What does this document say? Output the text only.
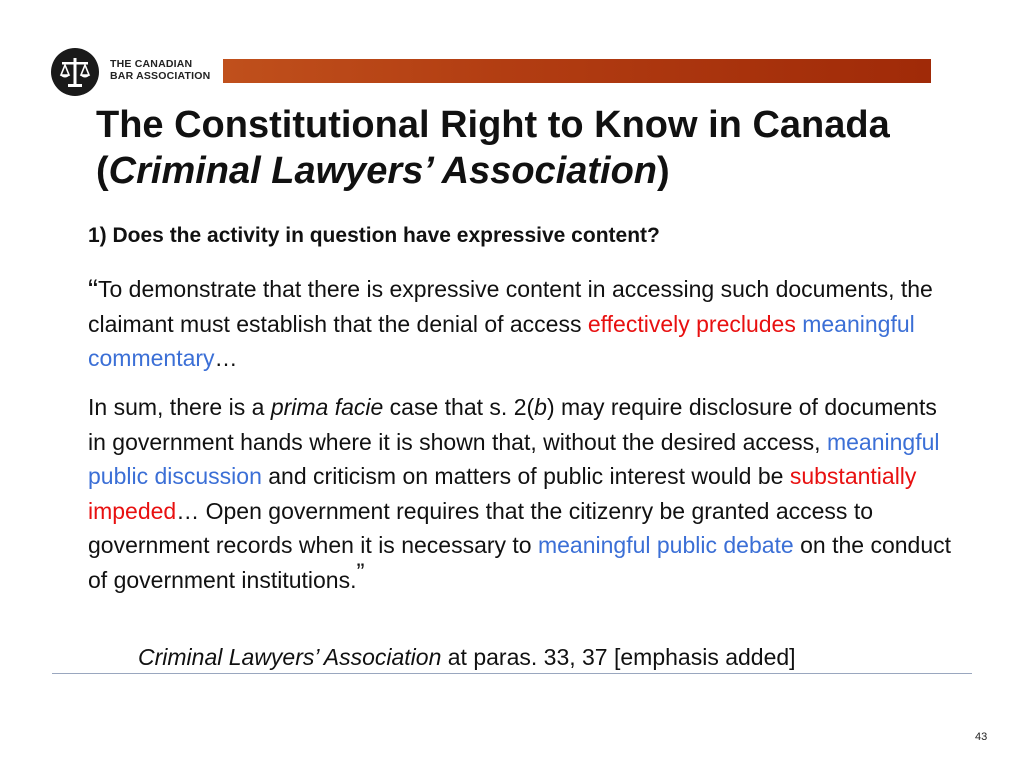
THE CANADIAN
BAR ASSOCIATION
The Constitutional Right to Know in Canada
(Criminal Lawyers’ Association)
1) Does the activity in question have expressive content?
“To demonstrate that there is expressive content in accessing such documents, the claimant must establish that the denial of access effectively precludes meaningful commentary…
In sum, there is a prima facie case that s. 2(b) may require disclosure of documents in government hands where it is shown that, without the desired access, meaningful public discussion and criticism on matters of public interest would be substantially impeded… Open government requires that the citizenry be granted access to government records when it is necessary to meaningful public debate on the conduct of government institutions.”
Criminal Lawyers’ Association at paras. 33, 37 [emphasis added]
43
